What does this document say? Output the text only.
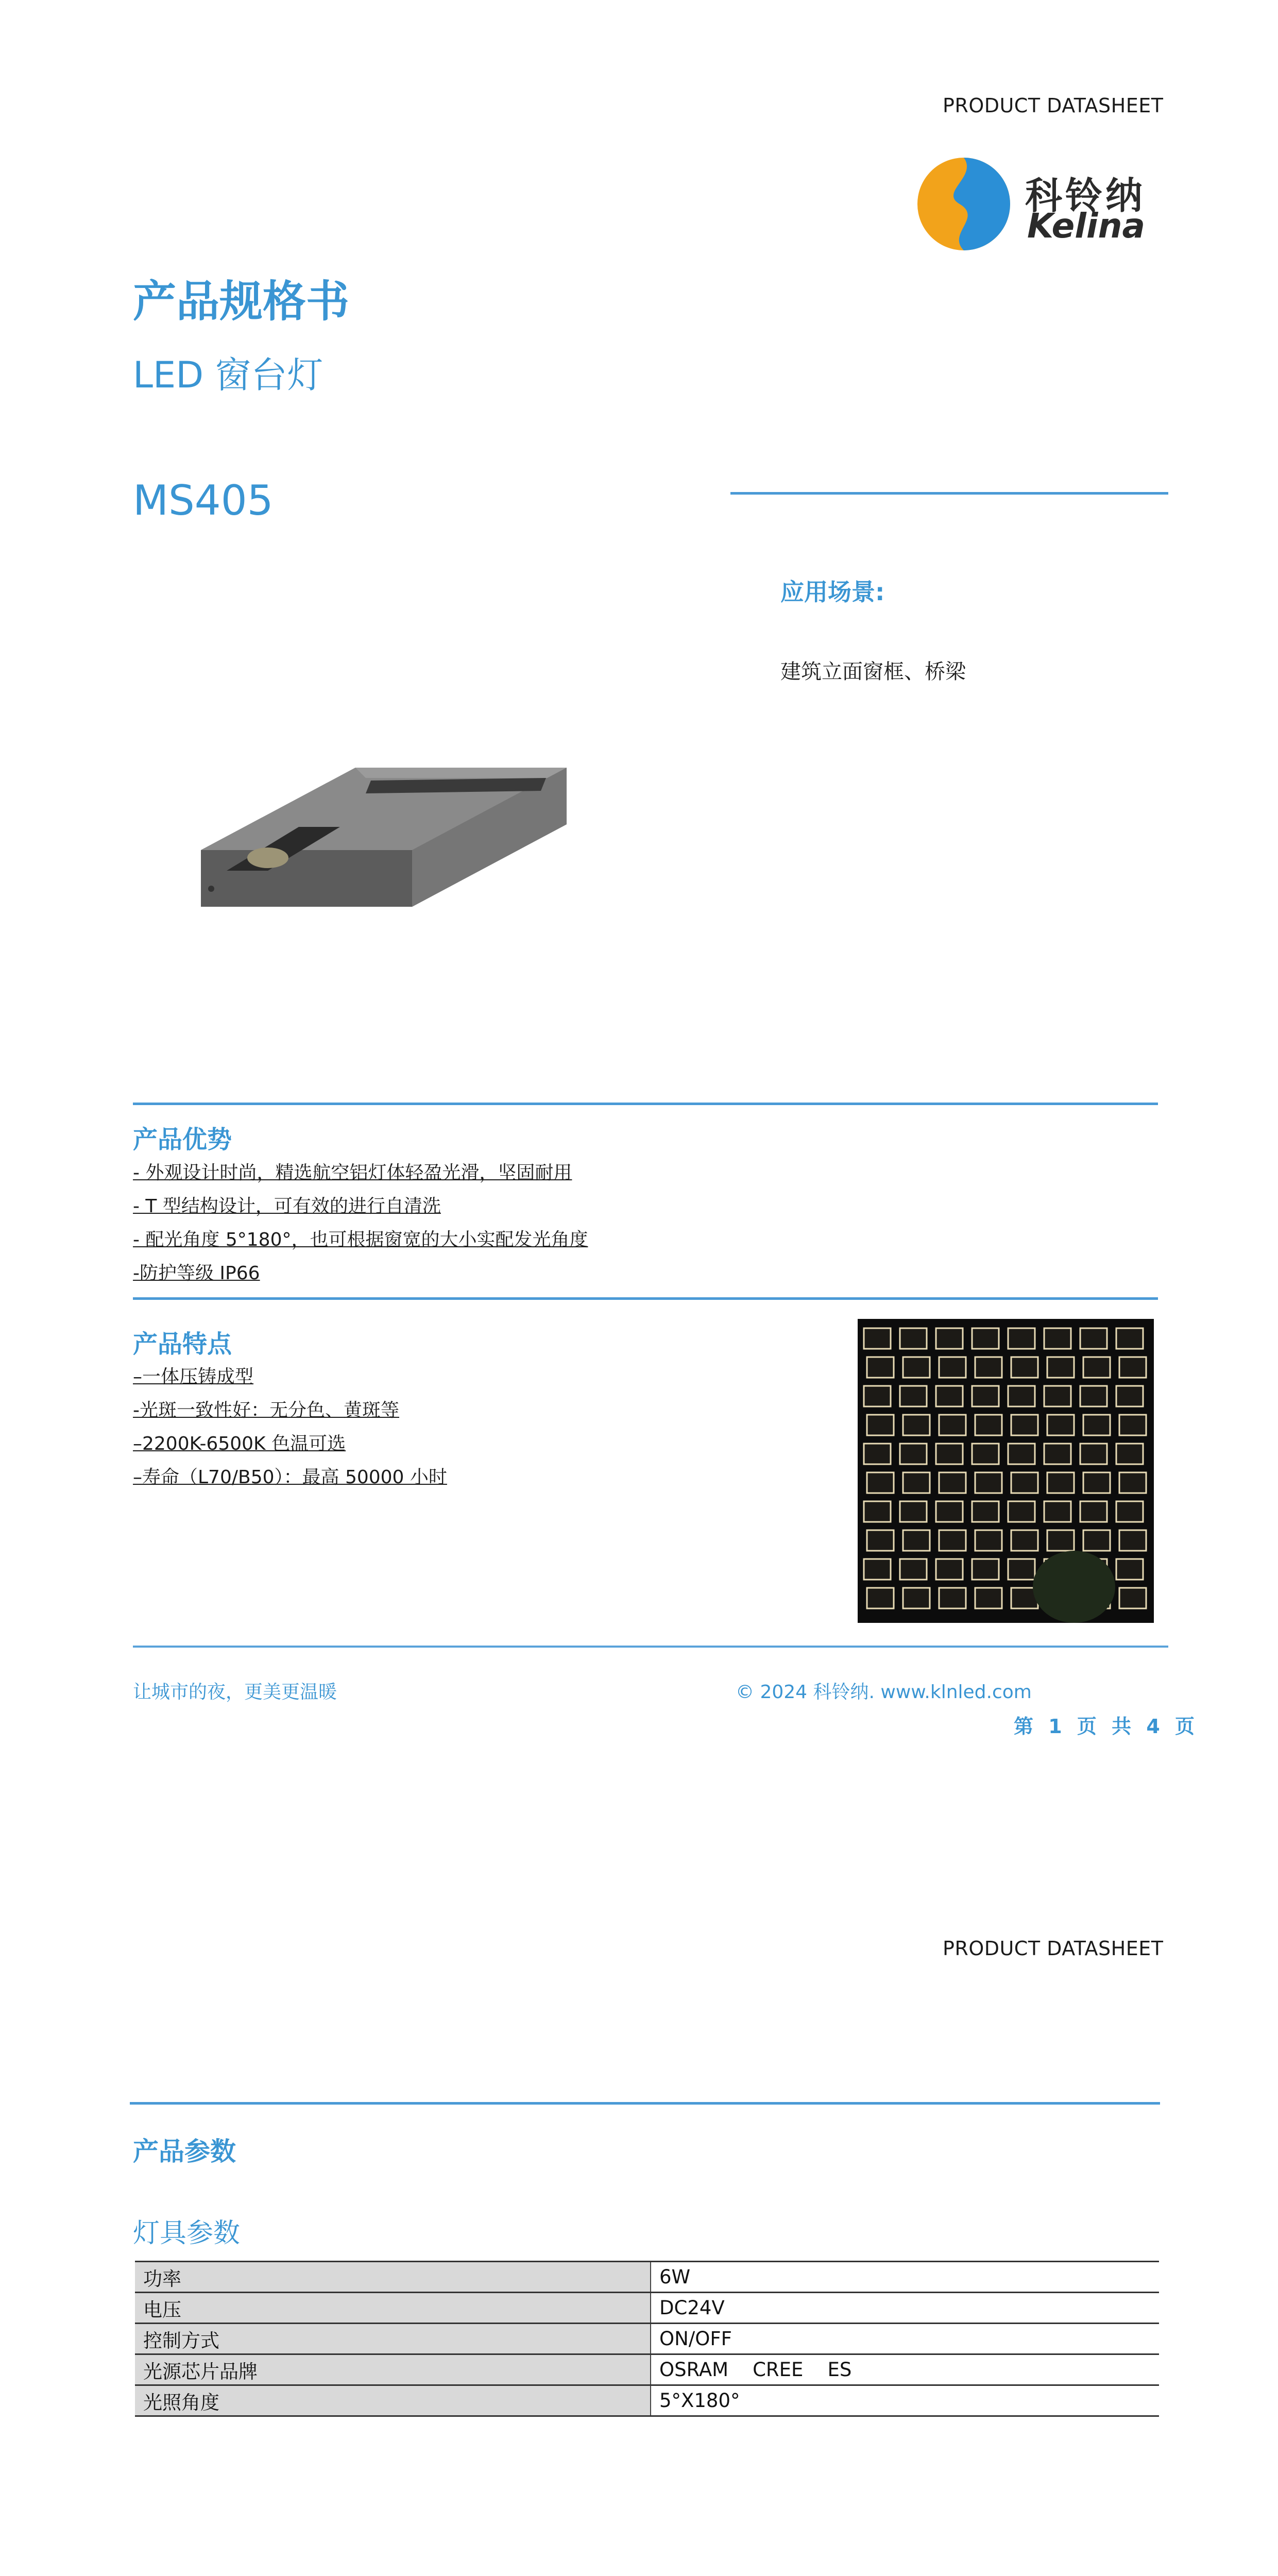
PRODUCT DATASHEET
科铃纳
Kelina
产品规格书
LED 窗台灯
MS405
应用场景:
建筑立面窗框、桥梁
产品优势
- 外观设计时尚，精选航空铝灯体轻盈光滑，坚固耐用
- T 型结构设计，可有效的进行自清洗
- 配光角度 5°180°，也可根据窗宽的大小实配发光角度
-防护等级 IP66
产品特点
–一体压铸成型
-光斑一致性好：无分色、黄斑等
–2200K-6500K 色温可选
–寿命（L70/B50）：最高 50000 小时
让城市的夜，更美更温暖	© 2024 科铃纳. www.klnled.com
第 1 页 共 4 页
PRODUCT DATASHEET
产品参数
灯具参数
功率	6W
电压	DC24V
控制方式	ON/OFF
光源芯片品牌	OSRAM    CREE    ES
光照角度	5°X180°
